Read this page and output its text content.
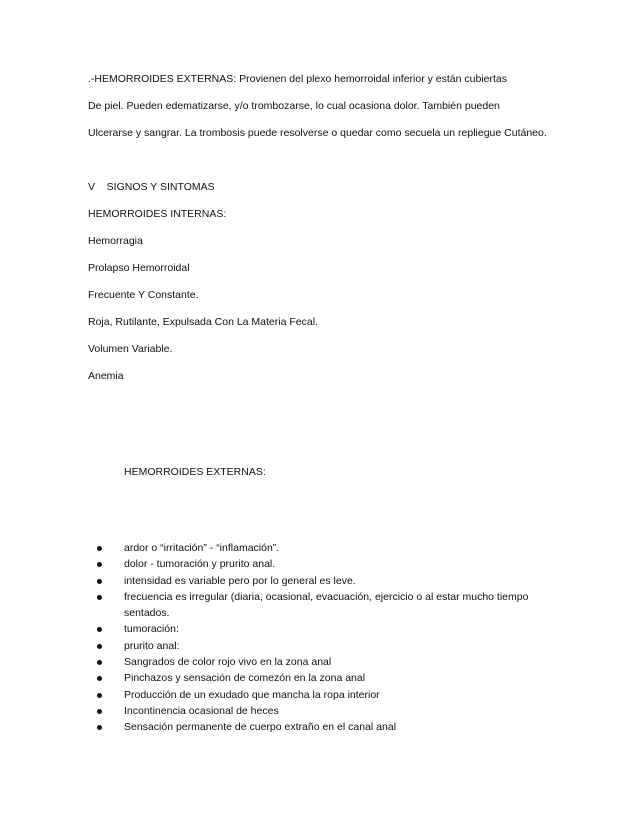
.-HEMORROIDES EXTERNAS: Provienen del plexo hemorroidal inferior y están cubiertas
De piel. Pueden edematizarse, y/o trombozarse, lo cual ocasiona dolor. También pueden
Ulcerarse y sangrar. La trombosis puede resolverse o quedar como secuela un repliegue Cutáneo.
V    SIGNOS Y SINTOMAS
HEMORROIDES INTERNAS:
Hemorragia
Prolapso Hemorroidal
Frecuente Y Constante.
Roja, Rutilante, Expulsada Con La Materia Fecal.
Volumen Variable.
Anemia
HEMORROIDES EXTERNAS:
ardor o “irritación” - “inflamación”.
dolor - tumoración y prurito anal.
intensidad es variable pero por lo general es leve.
frecuencia es irregular (diaria, ocasional, evacuación, ejercicio o al estar mucho tiempo sentados.
tumoración:
prurito anal:
Sangrados de color rojo vivo en la zona anal
Pinchazos y sensación de comezón en la zona anal
Producción de un exudado que mancha la ropa interior
Incontinencia ocasional de heces
Sensación permanente de cuerpo extraño en el canal anal
